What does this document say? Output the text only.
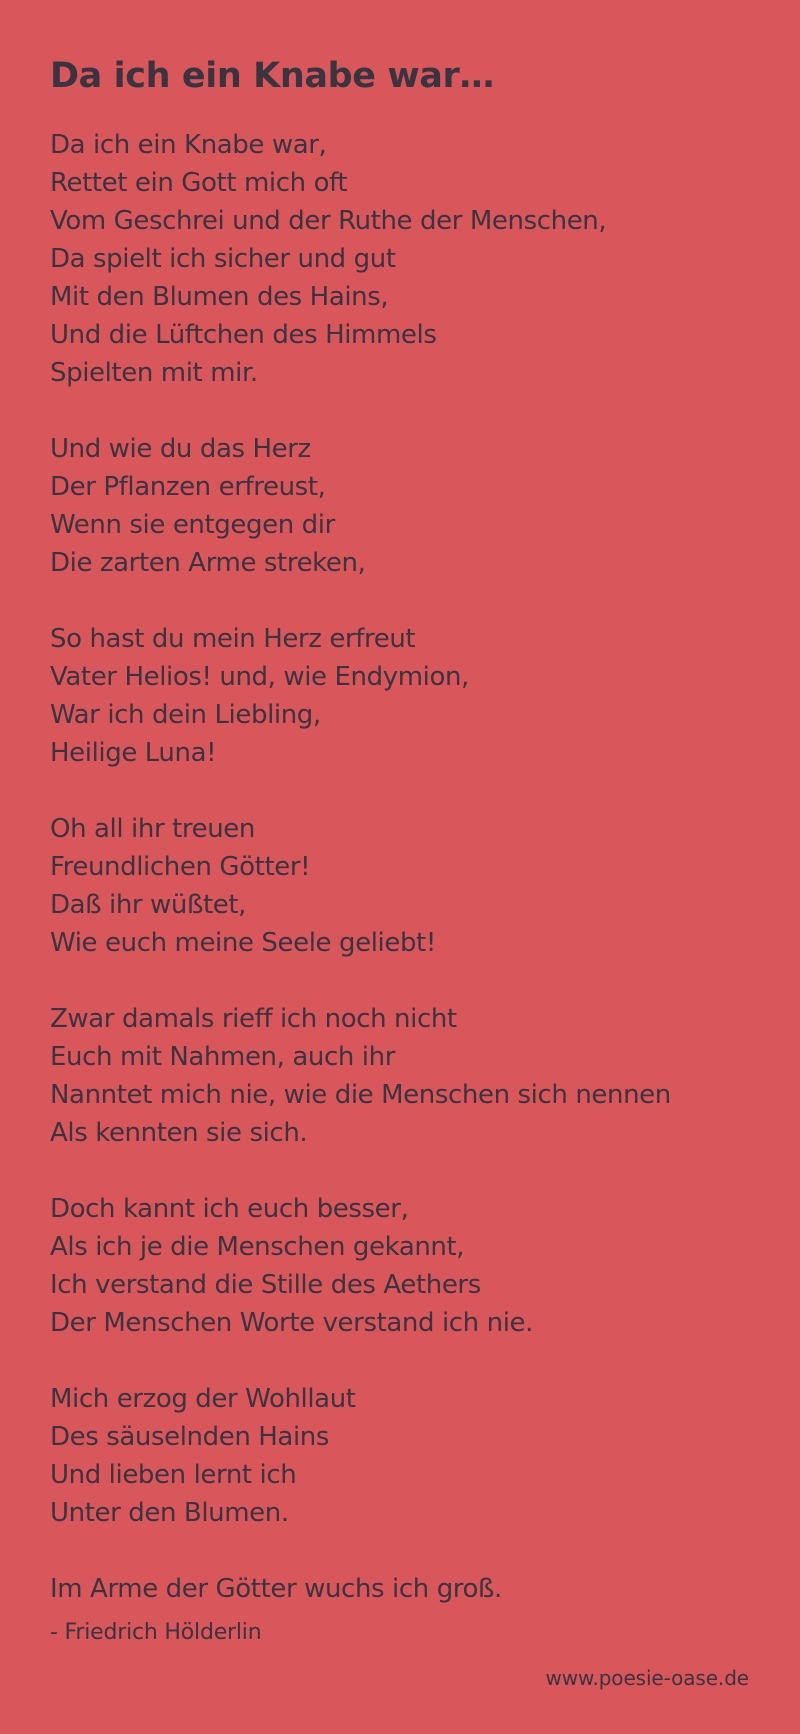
Da ich ein Knabe war…
Da ich ein Knabe war,
Rettet ein Gott mich oft
Vom Geschrei und der Ruthe der Menschen,
Da spielt ich sicher und gut
Mit den Blumen des Hains,
Und die Lüftchen des Himmels
Spielten mit mir.
Und wie du das Herz
Der Pflanzen erfreust,
Wenn sie entgegen dir
Die zarten Arme streken,
So hast du mein Herz erfreut
Vater Helios! und, wie Endymion,
War ich dein Liebling,
Heilige Luna!
Oh all ihr treuen
Freundlichen Götter!
Daß ihr wüßtet,
Wie euch meine Seele geliebt!
Zwar damals rieff ich noch nicht
Euch mit Nahmen, auch ihr
Nanntet mich nie, wie die Menschen sich nennen
Als kennten sie sich.
Doch kannt ich euch besser,
Als ich je die Menschen gekannt,
Ich verstand die Stille des Aethers
Der Menschen Worte verstand ich nie.
Mich erzog der Wohllaut
Des säuselnden Hains
Und lieben lernt ich
Unter den Blumen.
Im Arme der Götter wuchs ich groß.
- Friedrich Hölderlin
www.poesie-oase.de
